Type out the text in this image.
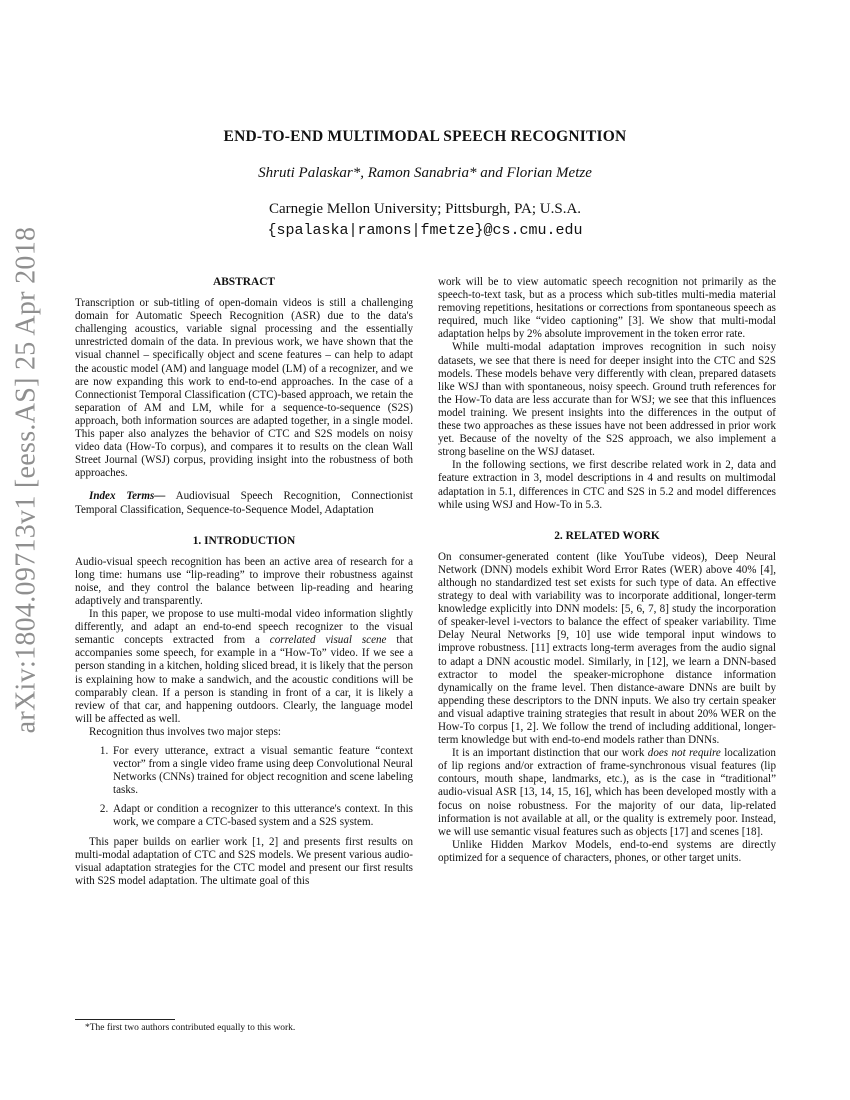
arXiv:1804.09713v1 [eess.AS] 25 Apr 2018
END-TO-END MULTIMODAL SPEECH RECOGNITION
Shruti Palaskar*, Ramon Sanabria* and Florian Metze
Carnegie Mellon University; Pittsburgh, PA; U.S.A.
{spalaska|ramons|fmetze}@cs.cmu.edu
ABSTRACT

Transcription or sub-titling of open-domain videos is still a challenging domain for Automatic Speech Recognition (ASR) due to the data's challenging acoustics, variable signal processing and the essentially unrestricted domain of the data. In previous work, we have shown that the visual channel – specifically object and scene features – can help to adapt the acoustic model (AM) and language model (LM) of a recognizer, and we are now expanding this work to end-to-end approaches. In the case of a Connectionist Temporal Classification (CTC)-based approach, we retain the separation of AM and LM, while for a sequence-to-sequence (S2S) approach, both information sources are adapted together, in a single model. This paper also analyzes the behavior of CTC and S2S models on noisy video data (How-To corpus), and compares it to results on the clean Wall Street Journal (WSJ) corpus, providing insight into the robustness of both approaches.

Index Terms— Audiovisual Speech Recognition, Connectionist Temporal Classification, Sequence-to-Sequence Model, Adaptation

1. INTRODUCTION

Audio-visual speech recognition has been an active area of research for a long time: humans use “lip-reading” to improve their robustness against noise, and they control the balance between lip-reading and hearing adaptively and transparently.

In this paper, we propose to use multi-modal video information slightly differently, and adapt an end-to-end speech recognizer to the visual semantic concepts extracted from a correlated visual scene that accompanies some speech, for example in a “How-To” video. If we see a person standing in a kitchen, holding sliced bread, it is likely that the person is explaining how to make a sandwich, and the acoustic conditions will be comparably clean. If a person is standing in front of a car, it is likely a review of that car, and happening outdoors. Clearly, the language model will be affected as well.

Recognition thus involves two major steps:

1. For every utterance, extract a visual semantic feature “context vector” from a single video frame using deep Convolutional Neural Networks (CNNs) trained for object recognition and scene labeling tasks.
2. Adapt or condition a recognizer to this utterance's context. In this work, we compare a CTC-based system and a S2S system.

This paper builds on earlier work [1, 2] and presents first results on multi-modal adaptation of CTC and S2S models. We present various audio-visual adaptation strategies for the CTC model and present our first results with S2S model adaptation. The ultimate goal of this

*The first two authors contributed equally to this work.

work will be to view automatic speech recognition not primarily as the speech-to-text task, but as a process which sub-titles multi-media material removing repetitions, hesitations or corrections from spontaneous speech as required, much like “video captioning” [3]. We show that multi-modal adaptation helps by 2% absolute improvement in the token error rate.

While multi-modal adaptation improves recognition in such noisy datasets, we see that there is need for deeper insight into the CTC and S2S models. These models behave very differently with clean, prepared datasets like WSJ than with spontaneous, noisy speech. Ground truth references for the How-To data are less accurate than for WSJ; we see that this influences model training. We present insights into the differences in the output of these two approaches as these issues have not been addressed in prior work yet. Because of the novelty of the S2S approach, we also implement a strong baseline on the WSJ dataset.

In the following sections, we first describe related work in 2, data and feature extraction in 3, model descriptions in 4 and results on multimodal adaptation in 5.1, differences in CTC and S2S in 5.2 and model differences while using WSJ and How-To in 5.3.

2. RELATED WORK

On consumer-generated content (like YouTube videos), Deep Neural Network (DNN) models exhibit Word Error Rates (WER) above 40% [4], although no standardized test set exists for such type of data. An effective strategy to deal with variability was to incorporate additional, longer-term knowledge explicitly into DNN models: [5, 6, 7, 8] study the incorporation of speaker-level i-vectors to balance the effect of speaker variability. Time Delay Neural Networks [9, 10] use wide temporal input windows to improve robustness. [11] extracts long-term averages from the audio signal to adapt a DNN acoustic model. Similarly, in [12], we learn a DNN-based extractor to model the speaker-microphone distance information dynamically on the frame level. Then distance-aware DNNs are built by appending these descriptors to the DNN inputs. We also try certain speaker and visual adaptive training strategies that result in about 20% WER on the How-To corpus [1, 2]. We follow the trend of including additional, longer-term knowledge but with end-to-end models rather than DNNs.

It is an important distinction that our work does not require localization of lip regions and/or extraction of frame-synchronous visual features (lip contours, mouth shape, landmarks, etc.), as is the case in “traditional” audio-visual ASR [13, 14, 15, 16], which has been developed mostly with a focus on noise robustness. For the majority of our data, lip-related information is not available at all, or the quality is extremely poor. Instead, we will use semantic visual features such as objects [17] and scenes [18].

Unlike Hidden Markov Models, end-to-end systems are directly optimized for a sequence of characters, phones, or other target units.
